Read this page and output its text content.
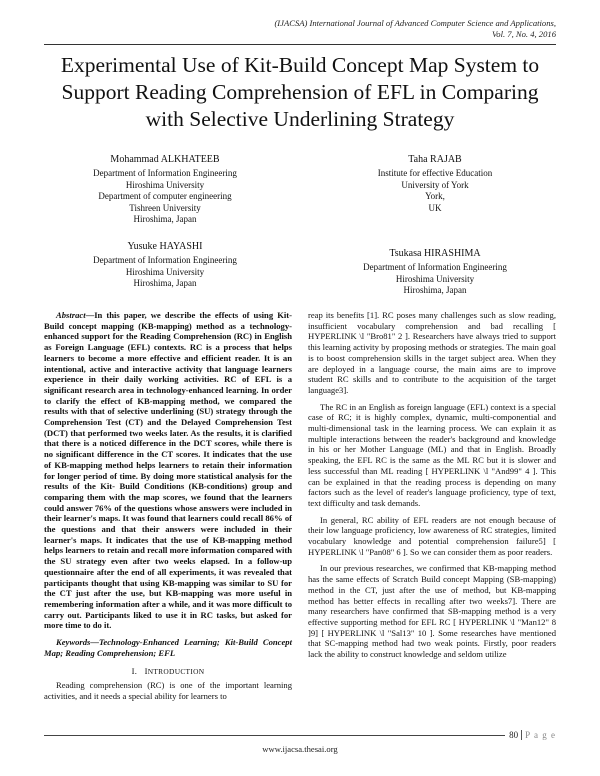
(IJACSA) International Journal of Advanced Computer Science and Applications,
Vol. 7, No. 4, 2016
Experimental Use of Kit-Build Concept Map System to Support Reading Comprehension of EFL in Comparing with Selective Underlining Strategy
Mohammad ALKHATEEB
Department of Information Engineering
Hiroshima University
Department of computer engineering
Tishreen University
Hiroshima, Japan
Taha RAJAB
Institute for effective Education
University of York
York,
UK
Yusuke HAYASHI
Department of Information Engineering
Hiroshima University
Hiroshima, Japan
Tsukasa HIRASHIMA
Department of Information Engineering
Hiroshima University
Hiroshima, Japan

Abstract—In this paper, we describe the effects of using Kit-Build concept mapping (KB-mapping) method as a technology-enhanced support for the Reading Comprehension (RC) in English as Foreign Language (EFL) contexts. RC is a process that helps learners to become a more effective and efficient reader. It is an intentional, active and interactive activity that language learners experience in their daily working activities. RC of EFL is a significant research area in technology-enhanced learning. In order to clarify the effect of KB-mapping method, we compared the results with that of selective underlining (SU) strategy through the Comprehension Test (CT) and the Delayed Comprehension Test (DCT) that performed two weeks later. As the results, it is clarified that there is a noticed difference in the DCT scores, while there is no significant difference in the CT scores. It indicates that the use of KB-mapping method helps learners to retain their information for longer period of time. By doing more statistical analysis for the results of the Kit- Build Conditions (KB-conditions) group and comparing them with the map scores, we found that the learners could answer 76% of the questions whose answers were included in their learner's maps. It was found that learners could recall 86% of the questions and that their answers were included in their learner's maps. It indicates that the use of KB-mapping method helps learners to retain and recall more information compared with the SU strategy even after two weeks elapsed. In a follow-up questionnaire after the end of all experiments, it was revealed that participants thought that using KB-mapping was similar to SU for the CT just after the use, but KB-mapping was more useful in remembering information after a while, and it was more difficult to carry out. Participants liked to use it in RC tasks, but asked for more time to do it.

Keywords—Technology-Enhanced Learning; Kit-Build Concept Map; Reading Comprehension; EFL

I. INTRODUCTION

Reading comprehension (RC) is one of the important learning activities, and it needs a special ability for learners to

reap its benefits [1]. RC poses many challenges such as slow reading, insufficient vocabulary comprehension and bad recalling [ HYPERLINK \l "Bro81" 2 ]. Researchers have always tried to support this learning activity by proposing methods or strategies. The main goal is to boost comprehension skills in the target subject area. When they are deployed in a language course, the main aims are to improve student RC skills and to contribute to the acquisition of the target language3].

The RC in an English as foreign language (EFL) context is a special case of RC; it is highly complex, dynamic, multi-componential and multi-dimensional task in the learning process. We can explain it as multiple interactions between the reader's background and knowledge in his or her Mother Language (ML) and that in English. Broadly speaking, the EFL RC is the same as the ML RC but it is slower and less successful than ML reading [ HYPERLINK \l "And99" 4 ]. This can be explained in that the reading process is depending on many factors such as the level of reader's language proficiency, type of text, text difficulty and task demands.

In general, RC ability of EFL readers are not enough because of their low language proficiency, low awareness of RC strategies, limited vocabulary knowledge and potential comprehension failure5] [ HYPERLINK \l "Pan08" 6 ]. So we can consider them as poor readers.

In our previous researches, we confirmed that KB-mapping method has the same effects of Scratch Build concept Mapping (SB-mapping) method in the CT, just after the use of method, but KB-mapping method has better effects in recalling after two weeks7]. There are many researchers have confirmed that SB-mapping method is a very effective supporting method for EFL RC [ HYPERLINK \l "Man12" 8 ]9] [ HYPERLINK \l "Sal13" 10 ]. Some researches have mentioned that SC-mapping method had two weak points. Firstly, poor readers lack the ability to construct knowledge and seldom utilize

80 P a g e
www.ijacsa.thesai.org
